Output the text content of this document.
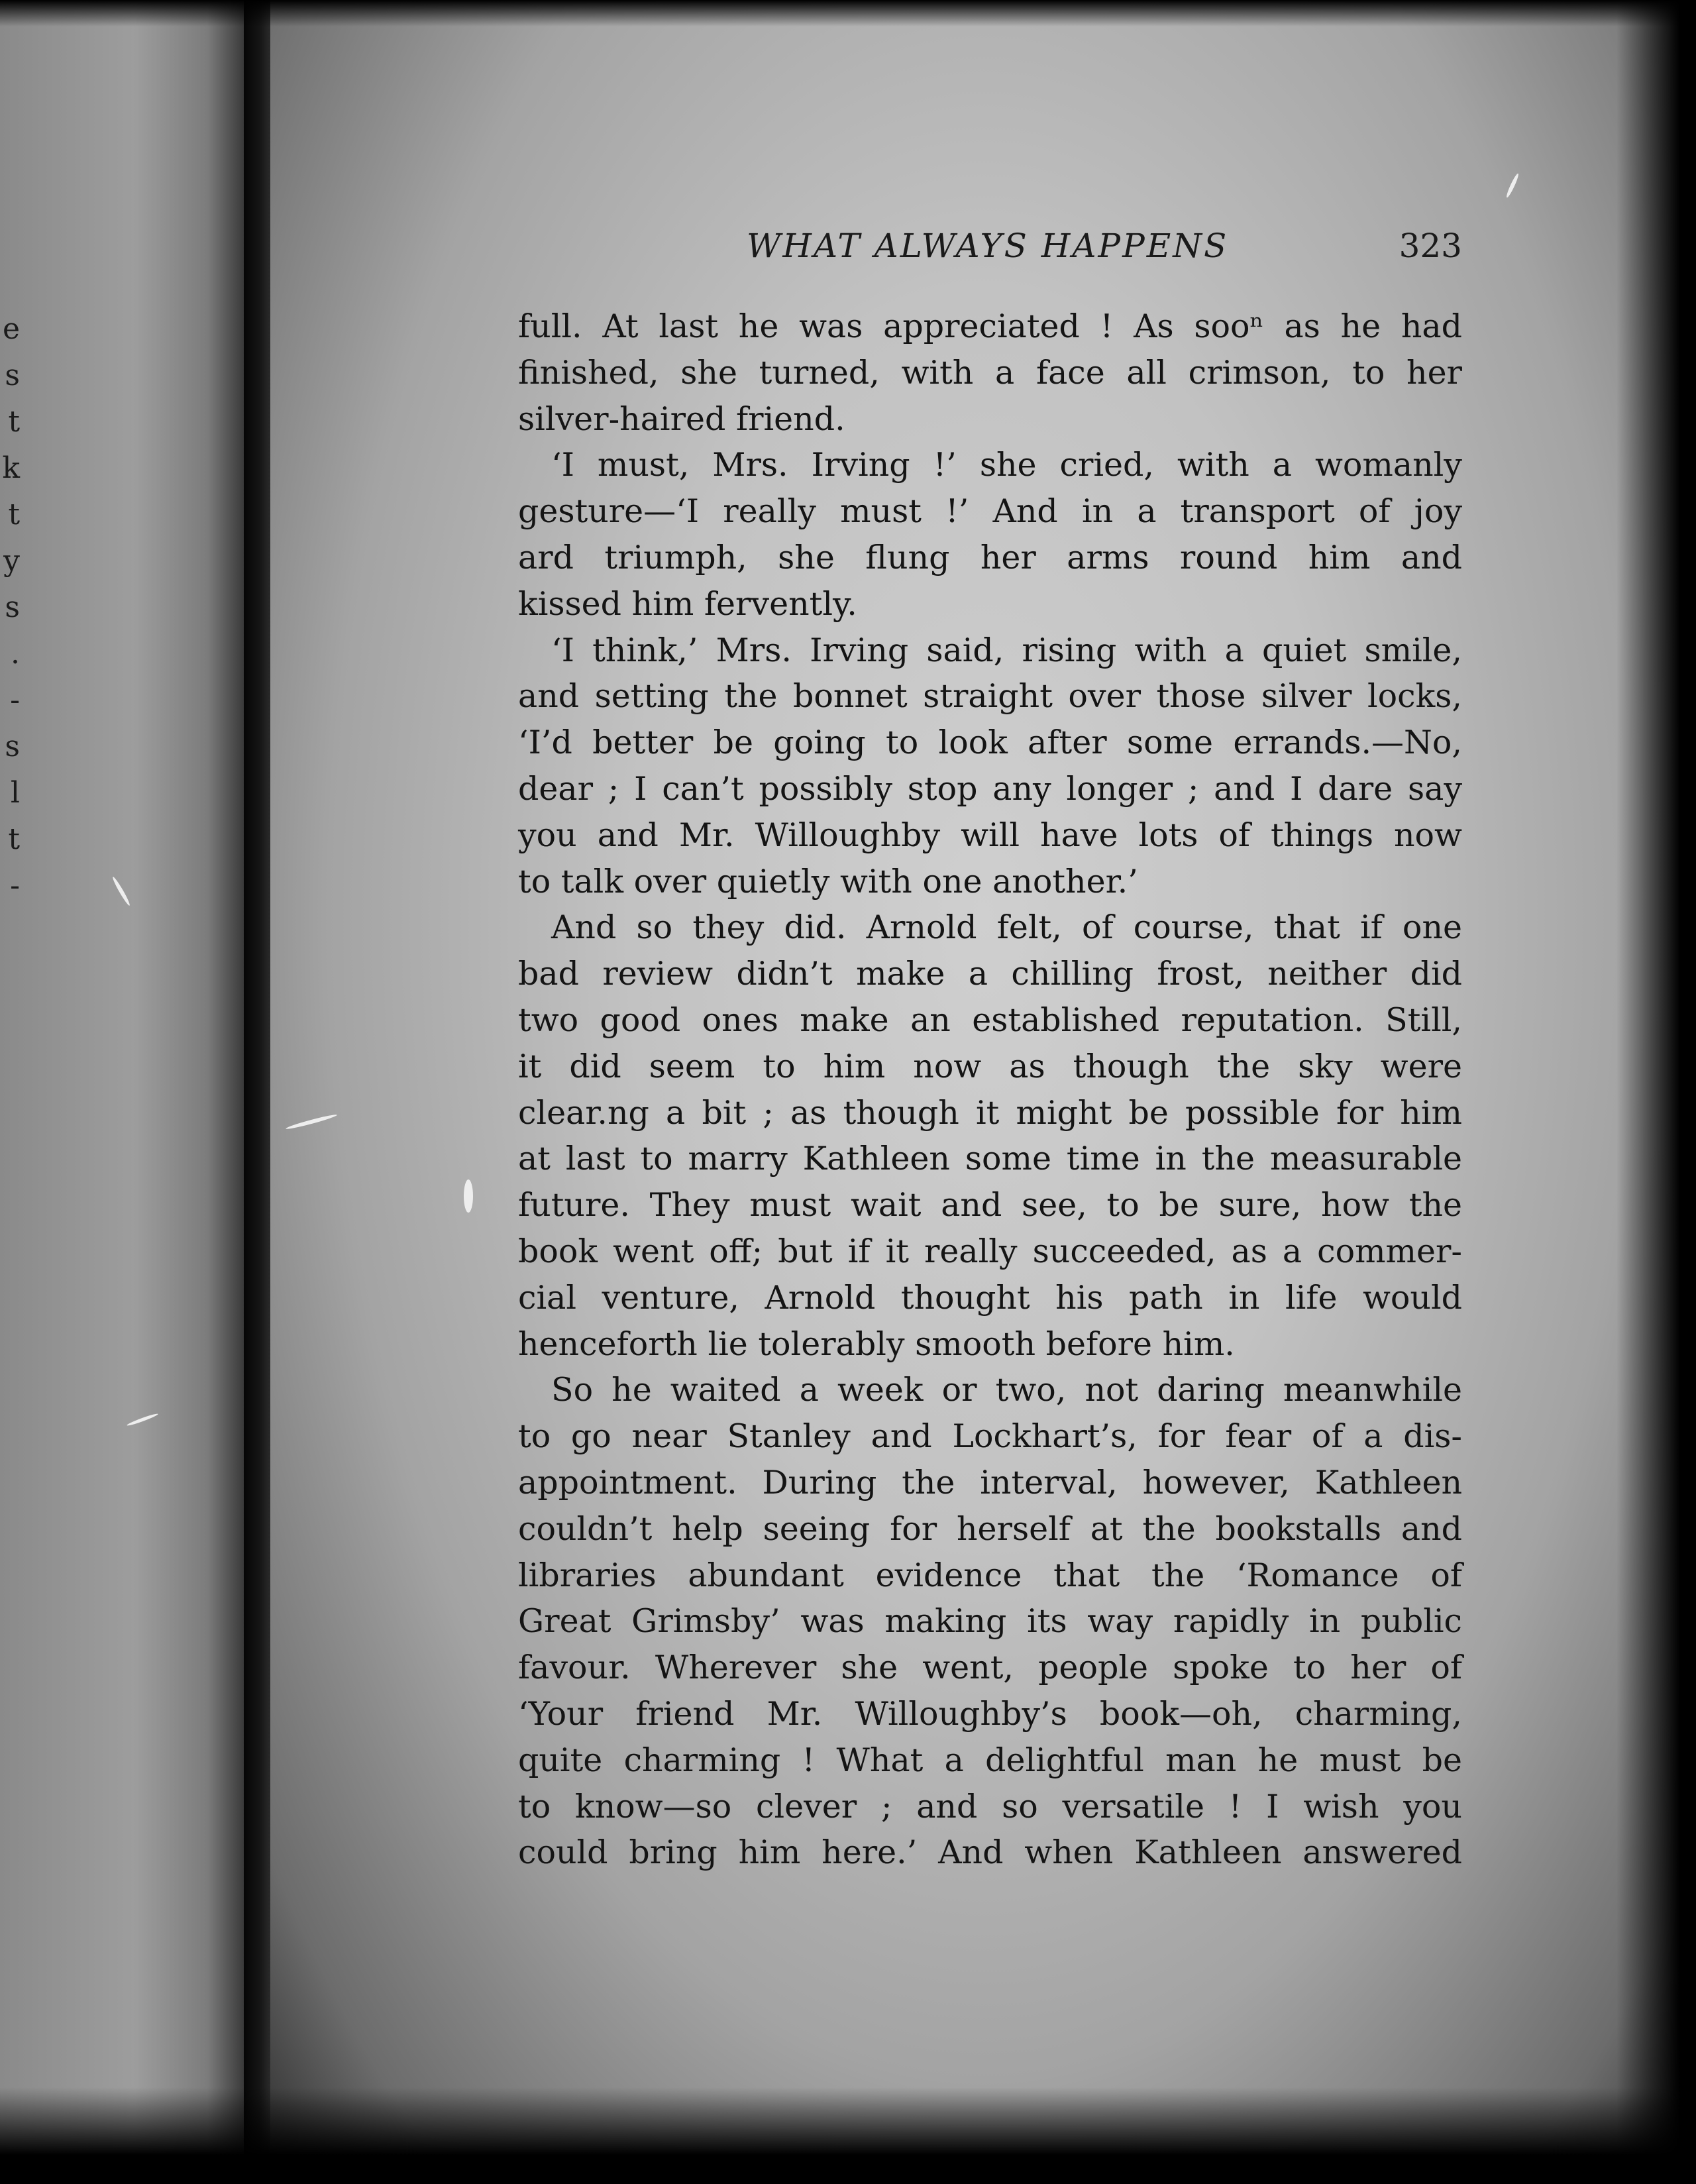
e
s
t
k
t
y
s
.
-
s
l
t
-
WHAT ALWAYS HAPPENS	323
full. At last he was appreciated ! As sooⁿ as he had
finished, she turned, with a face all crimson, to her
silver-haired friend.
‘I must, Mrs. Irving !’ she cried, with a womanly
gesture—‘I really must !’ And in a transport of joy
ard triumph, she flung her arms round him and
kissed him fervently.
‘I think,’ Mrs. Irving said, rising with a quiet smile,
and setting the bonnet straight over those silver locks,
‘I’d better be going to look after some errands.—No,
dear ; I can’t possibly stop any longer ; and I dare say
you and Mr. Willoughby will have lots of things now
to talk over quietly with one another.’
And so they did. Arnold felt, of course, that if one
bad review didn’t make a chilling frost, neither did
two good ones make an established reputation. Still,
it did seem to him now as though the sky were
clear.ng a bit ; as though it might be possible for him
at last to marry Kathleen some time in the measurable
future. They must wait and see, to be sure, how the
book went off; but if it really succeeded, as a commer-
cial venture, Arnold thought his path in life would
henceforth lie tolerably smooth before him.
So he waited a week or two, not daring meanwhile
to go near Stanley and Lockhart’s, for fear of a dis-
appointment. During the interval, however, Kathleen
couldn’t help seeing for herself at the bookstalls and
libraries abundant evidence that the ‘Romance of
Great Grimsby’ was making its way rapidly in public
favour. Wherever she went, people spoke to her of
‘Your friend Mr. Willoughby’s book—oh, charming,
quite charming ! What a delightful man he must be
to know—so clever ; and so versatile ! I wish you
could bring him here.’ And when Kathleen answered
